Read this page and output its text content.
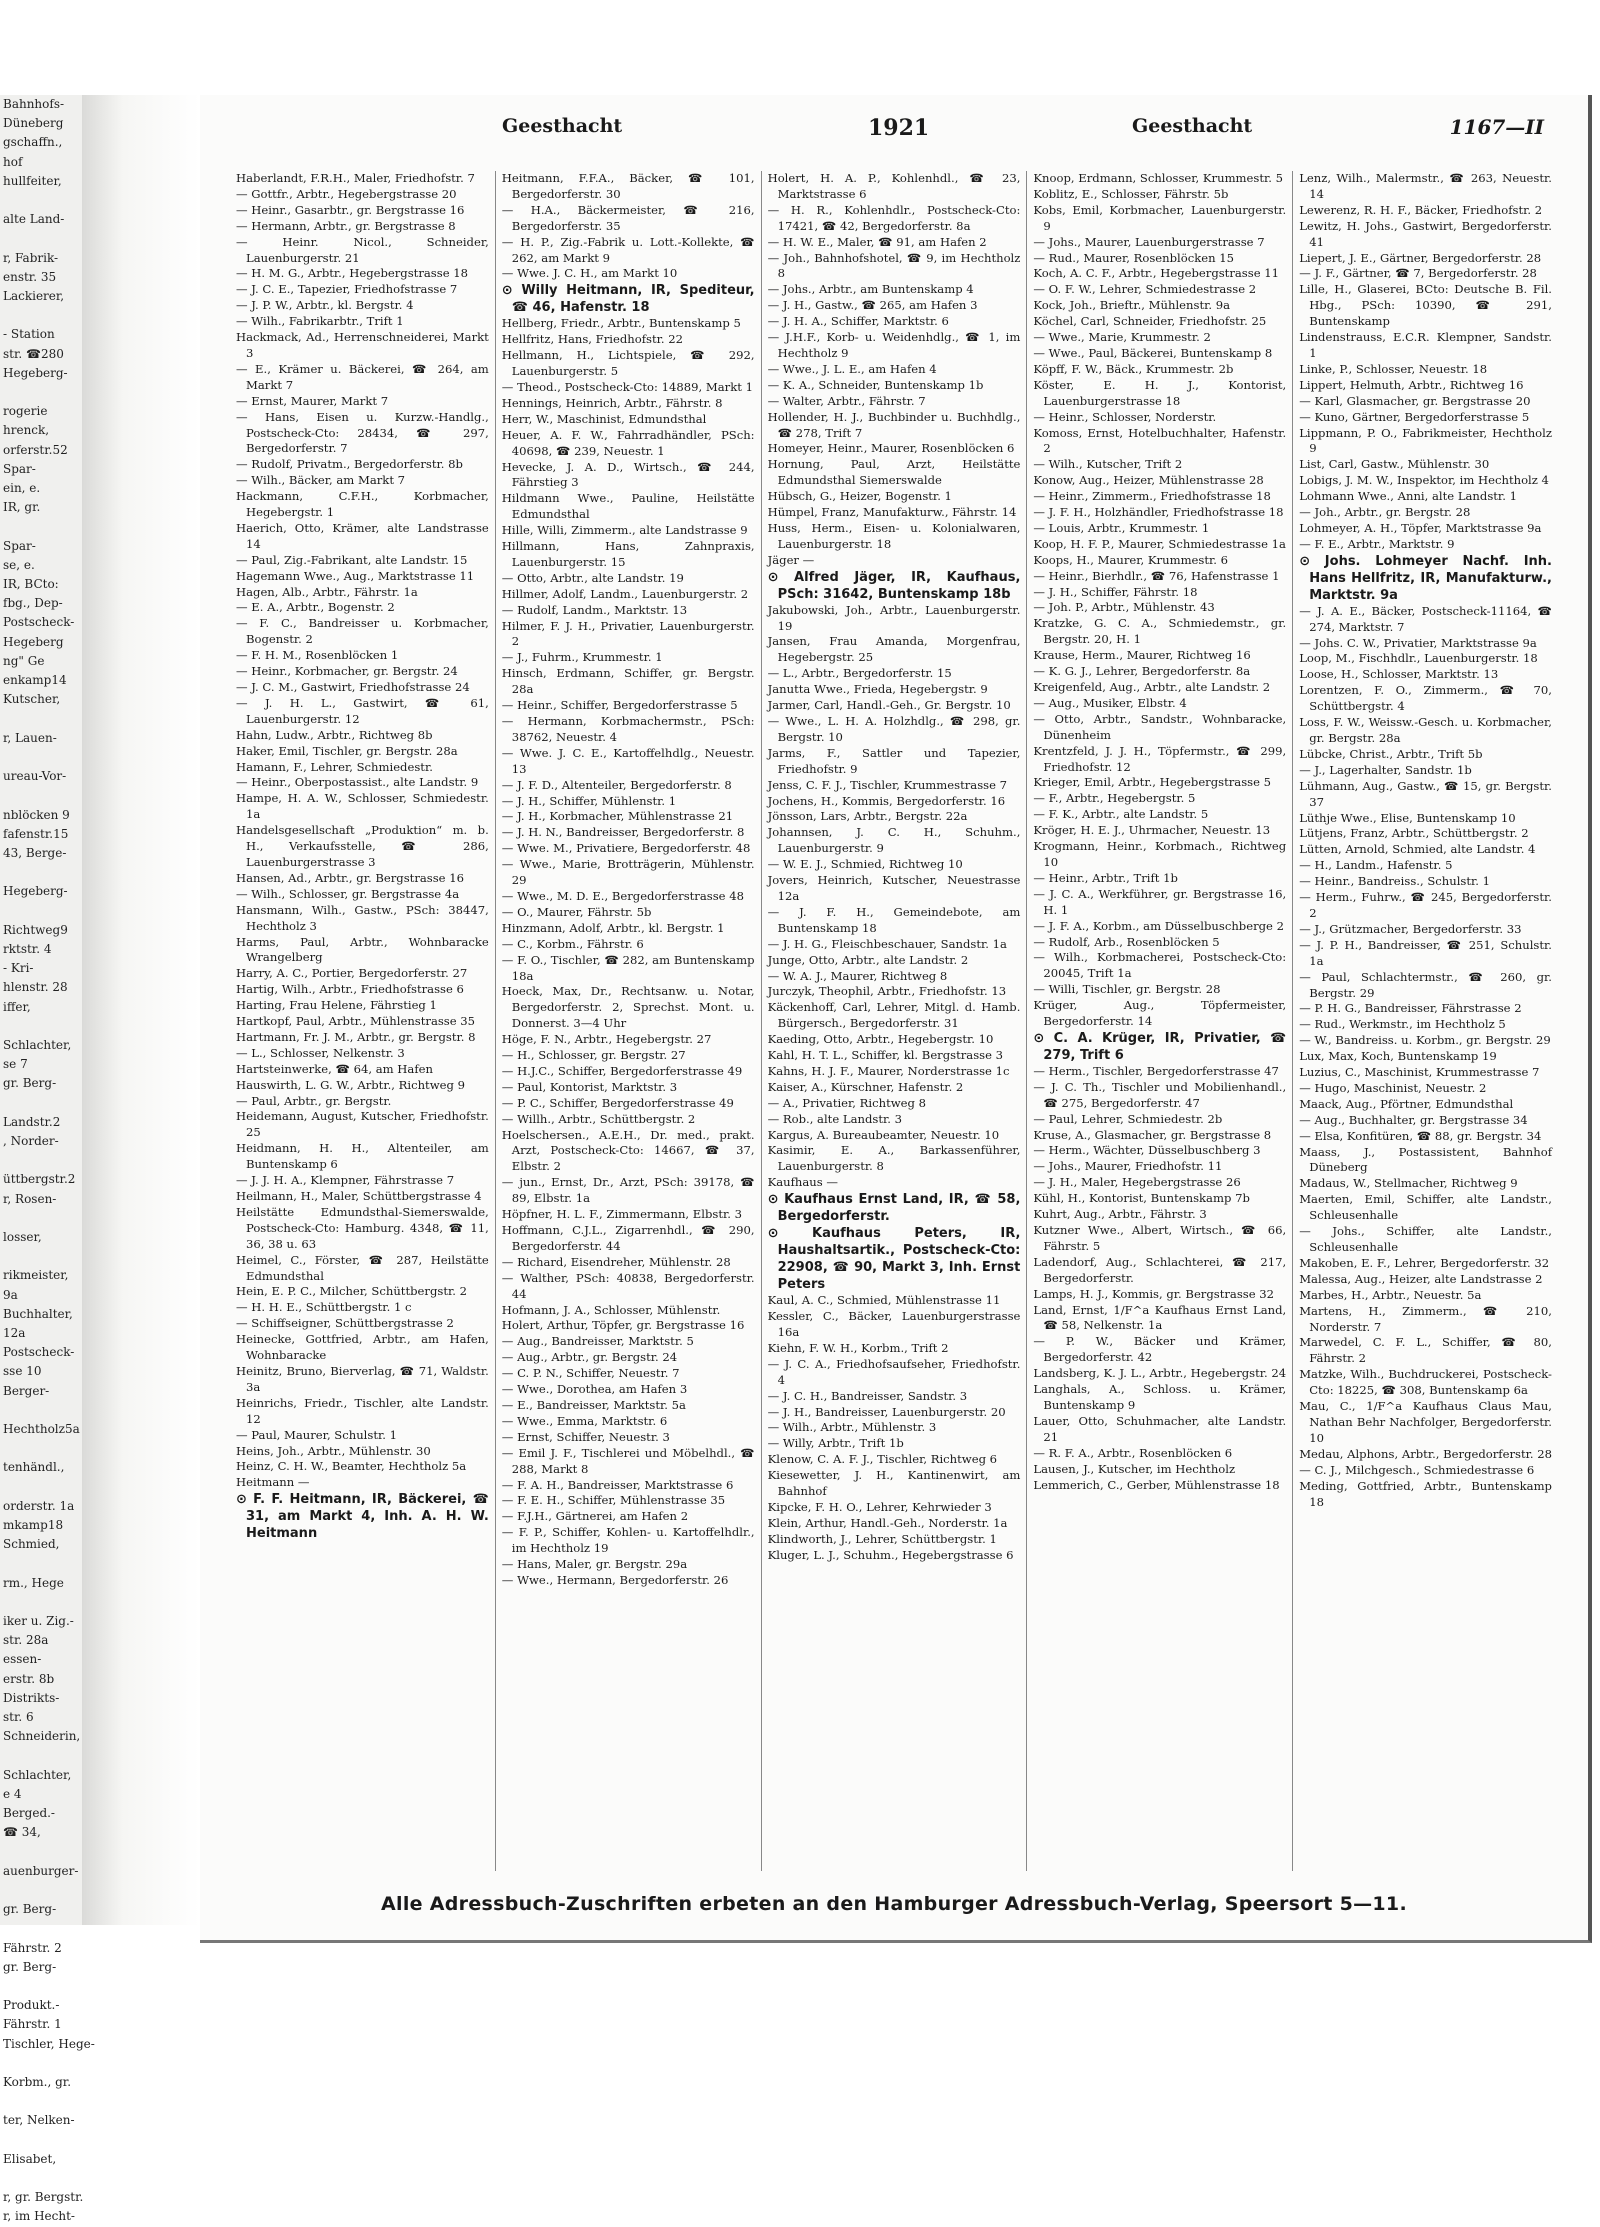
Bahnhofs-
Düneberg
gschaffn.,
hof
hullfeiter,

alte Land-

r, Fabrik-
enstr. 35
Lackierer,

- Station
str. ☎280
Hegeberg-

rogerie
hrenck,
orferstr.52
Spar-
ein, e.
IR, gr.

Spar-
se, e.
IR, BCto:
fbg., Dep-
Postscheck-
Hegeberg
ng" Ge
enkamp14
Kutscher,

r, Lauen-

ureau-Vor-

nblöcken 9
fafenstr.15
43, Berge-

Hegeberg-

Richtweg9
rktstr. 4
- Kri-
hlenstr. 28
iffer,

Schlachter,
se 7
gr. Berg-

Landstr.2
, Norder-

üttbergstr.2
r, Rosen-

losser,

rikmeister,
9a
Buchhalter,
12a
Postscheck-
sse 10
Berger-

Hechtholz5a

tenhändl.,

orderstr. 1a
mkamp18
Schmied,

rm., Hege

iker u. Zig.-
str. 28a
essen-
erstr. 8b
Distrikts-
str. 6
Schneiderin,

Schlachter,
e 4
Berged.-
☎ 34,

auenburger-

gr. Berg-

Fährstr. 2
gr. Berg-

Produkt.-
Fährstr. 1
Tischler, Hege-

Korbm., gr.

ter, Nelken-

Elisabet,

r, gr. Bergstr.
r, im Hecht-
Geesthacht	1921	Geesthacht	1167—II

Haberlandt, F.R.H., Maler, Friedhofstr. 7

— Gottfr., Arbtr., Hegebergstrasse 20

— Heinr., Gasarbtr., gr. Bergstrasse 16

— Hermann, Arbtr., gr. Bergstrasse 8

— Heinr. Nicol., Schneider, Lauenburgerstr. 21

— H. M. G., Arbtr., Hegebergstrasse 18

— J. C. E., Tapezier, Friedhofstrasse 7

— J. P. W., Arbtr., kl. Bergstr. 4

— Wilh., Fabrikarbtr., Trift 1

Hackmack, Ad., Herrenschneiderei, Markt 3

— E., Krämer u. Bäckerei, ☎ 264, am Markt 7

— Ernst, Maurer, Markt 7

— Hans, Eisen u. Kurzw.-Handlg., Postscheck-Cto: 28434, ☎ 297, Bergedorferstr. 7

— Rudolf, Privatm., Bergedorferstr. 8b

— Wilh., Bäcker, am Markt 7

Hackmann, C.F.H., Korbmacher, Hegebergstr. 1

Haerich, Otto, Krämer, alte Landstrasse 14

— Paul, Zig.-Fabrikant, alte Landstr. 15

Hagemann Wwe., Aug., Marktstrasse 11

Hagen, Alb., Arbtr., Fährstr. 1a

— E. A., Arbtr., Bogenstr. 2

— F. C., Bandreisser u. Korbmacher, Bogenstr. 2

— F. H. M., Rosenblöcken 1

— Heinr., Korbmacher, gr. Bergstr. 24

— J. C. M., Gastwirt, Friedhofstrasse 24

— J. H. L., Gastwirt, ☎ 61, Lauenburgerstr. 12

Hahn, Ludw., Arbtr., Richtweg 8b

Haker, Emil, Tischler, gr. Bergstr. 28a

Hamann, F., Lehrer, Schmiedestr.

— Heinr., Oberpostassist., alte Landstr. 9

Hampe, H. A. W., Schlosser, Schmiedestr. 1a

Handelsgesellschaft „Produktion“ m. b. H., Verkaufsstelle, ☎ 286, Lauenburgerstrasse 3

Hansen, Ad., Arbtr., gr. Bergstrasse 16

— Wilh., Schlosser, gr. Bergstrasse 4a

Hansmann, Wilh., Gastw., PSch: 38447, Hechtholz 3

Harms, Paul, Arbtr., Wohnbaracke Wrangelberg

Harry, A. C., Portier, Bergedorferstr. 27

Hartig, Wilh., Arbtr., Friedhofstrasse 6

Harting, Frau Helene, Fährstieg 1

Hartkopf, Paul, Arbtr., Mühlenstrasse 35

Hartmann, Fr. J. M., Arbtr., gr. Bergstr. 8

— L., Schlosser, Nelkenstr. 3

Hartsteinwerke, ☎ 64, am Hafen

Hauswirth, L. G. W., Arbtr., Richtweg 9

— Paul, Arbtr., gr. Bergstr.

Heidemann, August, Kutscher, Friedhofstr. 25

Heidmann, H. H., Altenteiler, am Buntenskamp 6

— J. J. H. A., Klempner, Fährstrasse 7

Heilmann, H., Maler, Schüttbergstrasse 4

Heilstätte Edmundsthal-Siemerswalde, Postscheck-Cto: Hamburg. 4348, ☎ 11, 36, 38 u. 63

Heimel, C., Förster, ☎ 287, Heilstätte Edmundsthal

Hein, E. P. C., Milcher, Schüttbergstr. 2

— H. H. E., Schüttbergstr. 1 c

— Schiffseigner, Schüttbergstrasse 2

Heinecke, Gottfried, Arbtr., am Hafen, Wohnbaracke

Heinitz, Bruno, Bierverlag, ☎ 71, Waldstr. 3a

Heinrichs, Friedr., Tischler, alte Landstr. 12

— Paul, Maurer, Schulstr. 1

Heins, Joh., Arbtr., Mühlenstr. 30

Heinz, C. H. W., Beamter, Hechtholz 5a

Heitmann —

⊙ F. F. Heitmann, IR, Bäckerei, ☎ 31, am Markt 4, Inh. A. H. W. Heitmann

Heitmann, F.F.A., Bäcker, ☎ 101, Bergedorferstr. 30

— H.A., Bäckermeister, ☎ 216, Bergedorferstr. 35

— H. P., Zig.-Fabrik u. Lott.-Kollekte, ☎ 262, am Markt 9

— Wwe. J. C. H., am Markt 10

⊙ Willy Heitmann, IR, Spediteur, ☎ 46, Hafenstr. 18

Hellberg, Friedr., Arbtr., Buntenskamp 5

Hellfritz, Hans, Friedhofstr. 22

Hellmann, H., Lichtspiele, ☎ 292, Lauenburgerstr. 5

— Theod., Postscheck-Cto: 14889, Markt 1

Hennings, Heinrich, Arbtr., Fährstr. 8

Herr, W., Maschinist, Edmundsthal

Heuer, A. F. W., Fahrradhändler, PSch: 40698, ☎ 239, Neuestr. 1

Hevecke, J. A. D., Wirtsch., ☎ 244, Fährstieg 3

Hildmann Wwe., Pauline, Heilstätte Edmundsthal

Hille, Willi, Zimmerm., alte Landstrasse 9

Hillmann, Hans, Zahnpraxis, Lauenburgerstr. 15

— Otto, Arbtr., alte Landstr. 19

Hillmer, Adolf, Landm., Lauenburgerstr. 2

— Rudolf, Landm., Marktstr. 13

Hilmer, F. J. H., Privatier, Lauenburgerstr. 2

— J., Fuhrm., Krummestr. 1

Hinsch, Erdmann, Schiffer, gr. Bergstr. 28a

— Heinr., Schiffer, Bergedorferstrasse 5

— Hermann, Korbmachermstr., PSch: 38762, Neuestr. 4

— Wwe. J. C. E., Kartoffelhdlg., Neuestr. 13

— J. F. D., Altenteiler, Bergedorferstr. 8

— J. H., Schiffer, Mühlenstr. 1

— J. H., Korbmacher, Mühlenstrasse 21

— J. H. N., Bandreisser, Bergedorferstr. 8

— Wwe. M., Privatiere, Bergedorferstr. 48

— Wwe., Marie, Brotträgerin, Mühlenstr. 29

— Wwe., M. D. E., Bergedorferstrasse 48

— O., Maurer, Fährstr. 5b

Hinzmann, Adolf, Arbtr., kl. Bergstr. 1

— C., Korbm., Fährstr. 6

— F. O., Tischler, ☎ 282, am Buntenskamp 18a

Hoeck, Max, Dr., Rechtsanw. u. Notar, Bergedorferstr. 2, Sprechst. Mont. u. Donnerst. 3—4 Uhr

Höge, F. N., Arbtr., Hegebergstr. 27

— H., Schlosser, gr. Bergstr. 27

— H.J.C., Schiffer, Bergedorferstrasse 49

— Paul, Kontorist, Marktstr. 3

— P. C., Schiffer, Bergedorferstrasse 49

— Willh., Arbtr., Schüttbergstr. 2

Hoelschersen., A.E.H., Dr. med., prakt. Arzt, Postscheck-Cto: 14667, ☎ 37, Elbstr. 2

— jun., Ernst, Dr., Arzt, PSch: 39178, ☎ 89, Elbstr. 1a

Höpfner, H. L. F., Zimmermann, Elbstr. 3

Hoffmann, C.J.L., Zigarrenhdl., ☎ 290, Bergedorferstr. 44

— Richard, Eisendreher, Mühlenstr. 28

— Walther, PSch: 40838, Bergedorferstr. 44

Hofmann, J. A., Schlosser, Mühlenstr.

Holert, Arthur, Töpfer, gr. Bergstrasse 16

— Aug., Bandreisser, Marktstr. 5

— Aug., Arbtr., gr. Bergstr. 24

— C. P. N., Schiffer, Neuestr. 7

— Wwe., Dorothea, am Hafen 3

— E., Bandreisser, Marktstr. 5a

— Wwe., Emma, Marktstr. 6

— Ernst, Schiffer, Neuestr. 3

— Emil J. F., Tischlerei und Möbelhdl., ☎ 288, Markt 8

— F. A. H., Bandreisser, Marktstrasse 6

— F. E. H., Schiffer, Mühlenstrasse 35

— F.J.H., Gärtnerei, am Hafen 2

— F. P., Schiffer, Kohlen- u. Kartoffelhdlr., im Hechtholz 19

— Hans, Maler, gr. Bergstr. 29a

— Wwe., Hermann, Bergedorferstr. 26

Holert, H. A. P., Kohlenhdl., ☎ 23, Marktstrasse 6

— H. R., Kohlenhdlr., Postscheck-Cto: 17421, ☎ 42, Bergedorferstr. 8a

— H. W. E., Maler, ☎ 91, am Hafen 2

— Joh., Bahnhofshotel, ☎ 9, im Hechtholz 8

— Johs., Arbtr., am Buntenskamp 4

— J. H., Gastw., ☎ 265, am Hafen 3

— J. H. A., Schiffer, Marktstr. 6

— J.H.F., Korb- u. Weidenhdlg., ☎ 1, im Hechtholz 9

— Wwe., J. L. E., am Hafen 4

— K. A., Schneider, Buntenskamp 1b

— Walter, Arbtr., Fährstr. 7

Hollender, H. J., Buchbinder u. Buchhdlg., ☎ 278, Trift 7

Homeyer, Heinr., Maurer, Rosenblöcken 6

Hornung, Paul, Arzt, Heilstätte Edmundsthal Siemerswalde

Hübsch, G., Heizer, Bogenstr. 1

Hümpel, Franz, Manufakturw., Fährstr. 14

Huss, Herm., Eisen- u. Kolonialwaren, Lauenburgerstr. 18

Jäger —

⊙ Alfred Jäger, IR, Kaufhaus, PSch: 31642, Buntenskamp 18b

Jakubowski, Joh., Arbtr., Lauenburgerstr. 19

Jansen, Frau Amanda, Morgenfrau, Hegebergstr. 25

— L., Arbtr., Bergedorferstr. 15

Janutta Wwe., Frieda, Hegebergstr. 9

Jarmer, Carl, Handl.-Geh., Gr. Bergstr. 10

— Wwe., L. H. A. Holzhdlg., ☎ 298, gr. Bergstr. 10

Jarms, F., Sattler und Tapezier, Friedhofstr. 9

Jenss, C. F. J., Tischler, Krummestrasse 7

Jochens, H., Kommis, Bergedorferstr. 16

Jönsson, Lars, Arbtr., Bergstr. 22a

Johannsen, J. C. H., Schuhm., Lauenburgerstr. 9

— W. E. J., Schmied, Richtweg 10

Jovers, Heinrich, Kutscher, Neuestrasse 12a

— J. F. H., Gemeindebote, am Buntenskamp 18

— J. H. G., Fleischbeschauer, Sandstr. 1a

Junge, Otto, Arbtr., alte Landstr. 2

— W. A. J., Maurer, Richtweg 8

Jurczyk, Theophil, Arbtr., Friedhofstr. 13

Käckenhoff, Carl, Lehrer, Mitgl. d. Hamb. Bürgersch., Bergedorferstr. 31

Kaeding, Otto, Arbtr., Hegebergstr. 10

Kahl, H. T. L., Schiffer, kl. Bergstrasse 3

Kahns, H. J. F., Maurer, Norderstrasse 1c

Kaiser, A., Kürschner, Hafenstr. 2

— A., Privatier, Richtweg 8

— Rob., alte Landstr. 3

Kargus, A. Bureaubeamter, Neuestr. 10

Kasimir, E. A., Barkassenführer, Lauenburgerstr. 8

Kaufhaus —

⊙ Kaufhaus Ernst Land, IR, ☎ 58, Bergedorferstr.

⊙ Kaufhaus Peters, IR, Haushaltsartik., Postscheck-Cto: 22908, ☎ 90, Markt 3, Inh. Ernst Peters

Kaul, A. C., Schmied, Mühlenstrasse 11

Kessler, C., Bäcker, Lauenburgerstrasse 16a

Kiehn, F. W. H., Korbm., Trift 2

— J. C. A., Friedhofsaufseher, Friedhofstr. 4

— J. C. H., Bandreisser, Sandstr. 3

— J. H., Bandreisser, Lauenburgerstr. 20

— Wilh., Arbtr., Mühlenstr. 3

— Willy, Arbtr., Trift 1b

Klenow, C. A. F. J., Tischler, Richtweg 6

Kiesewetter, J. H., Kantinenwirt, am Bahnhof

Kipcke, F. H. O., Lehrer, Kehrwieder 3

Klein, Arthur, Handl.-Geh., Norderstr. 1a

Klindworth, J., Lehrer, Schüttbergstr. 1

Kluger, L. J., Schuhm., Hegebergstrasse 6

Knoop, Erdmann, Schlosser, Krummestr. 5

Koblitz, E., Schlosser, Fährstr. 5b

Kobs, Emil, Korbmacher, Lauenburgerstr. 9

— Johs., Maurer, Lauenburgerstrasse 7

— Rud., Maurer, Rosenblöcken 15

Koch, A. C. F., Arbtr., Hegebergstrasse 11

— O. F. W., Lehrer, Schmiedestrasse 2

Kock, Joh., Brieftr., Mühlenstr. 9a

Köchel, Carl, Schneider, Friedhofstr. 25

— Wwe., Marie, Krummestr. 2

— Wwe., Paul, Bäckerei, Buntenskamp 8

Köpff, F. W., Bäck., Krummestr. 2b

Köster, E. H. J., Kontorist, Lauenburgerstrasse 18

— Heinr., Schlosser, Norderstr.

Komoss, Ernst, Hotelbuchhalter, Hafenstr. 2

— Wilh., Kutscher, Trift 2

Konow, Aug., Heizer, Mühlenstrasse 28

— Heinr., Zimmerm., Friedhofstrasse 18

— J. F. H., Holzhändler, Friedhofstrasse 18

— Louis, Arbtr., Krummestr. 1

Koop, H. F. P., Maurer, Schmiedestrasse 1a

Koops, H., Maurer, Krummestr. 6

— Heinr., Bierhdlr., ☎ 76, Hafenstrasse 1

— J. H., Schiffer, Fährstr. 18

— Joh. P., Arbtr., Mühlenstr. 43

Kratzke, G. C. A., Schmiedemstr., gr. Bergstr. 20, H. 1

Krause, Herm., Maurer, Richtweg 16

— K. G. J., Lehrer, Bergedorferstr. 8a

Kreigenfeld, Aug., Arbtr., alte Landstr. 2

— Aug., Musiker, Elbstr. 4

— Otto, Arbtr., Sandstr., Wohnbaracke, Dünenheim

Krentzfeld, J. J. H., Töpfermstr., ☎ 299, Friedhofstr. 12

Krieger, Emil, Arbtr., Hegebergstrasse 5

— F., Arbtr., Hegebergstr. 5

— F. K., Arbtr., alte Landstr. 5

Kröger, H. E. J., Uhrmacher, Neuestr. 13

Krogmann, Heinr., Korbmach., Richtweg 10

— Heinr., Arbtr., Trift 1b

— J. C. A., Werkführer, gr. Bergstrasse 16, H. 1

— J. F. A., Korbm., am Düsselbuschberge 2

— Rudolf, Arb., Rosenblöcken 5

— Wilh., Korbmacherei, Postscheck-Cto: 20045, Trift 1a

— Willi, Tischler, gr. Bergstr. 28

Krüger, Aug., Töpfermeister, Bergedorferstr. 14

⊙ C. A. Krüger, IR, Privatier, ☎ 279, Trift 6

— Herm., Tischler, Bergedorferstrasse 47

— J. C. Th., Tischler und Mobilienhandl., ☎ 275, Bergedorferstr. 47

— Paul, Lehrer, Schmiedestr. 2b

Kruse, A., Glasmacher, gr. Bergstrasse 8

— Herm., Wächter, Düsselbuschberg 3

— Johs., Maurer, Friedhofstr. 11

— J. H., Maler, Hegebergstrasse 26

Kühl, H., Kontorist, Buntenskamp 7b

Kuhrt, Aug., Arbtr., Fährstr. 3

Kutzner Wwe., Albert, Wirtsch., ☎ 66, Fährstr. 5

Ladendorf, Aug., Schlachterei, ☎ 217, Bergedorferstr.

Lamps, H. J., Kommis, gr. Bergstrasse 32

Land, Ernst, 1/F^a Kaufhaus Ernst Land, ☎ 58, Nelkenstr. 1a

— P. W., Bäcker und Krämer, Bergedorferstr. 42

Landsberg, K. J. L., Arbtr., Hegebergstr. 24

Langhals, A., Schloss. u. Krämer, Buntenskamp 9

Lauer, Otto, Schuhmacher, alte Landstr. 21

— R. F. A., Arbtr., Rosenblöcken 6

Lausen, J., Kutscher, im Hechtholz

Lemmerich, C., Gerber, Mühlenstrasse 18

Lenz, Wilh., Malermstr., ☎ 263, Neuestr. 14

Lewerenz, R. H. F., Bäcker, Friedhofstr. 2

Lewitz, H. Johs., Gastwirt, Bergedorferstr. 41

Liepert, J. E., Gärtner, Bergedorferstr. 28

— J. F., Gärtner, ☎ 7, Bergedorferstr. 28

Lille, H., Glaserei, BCto: Deutsche B. Fil. Hbg., PSch: 10390, ☎ 291, Buntenskamp

Lindenstrauss, E.C.R. Klempner, Sandstr. 1

Linke, P., Schlosser, Neuestr. 18

Lippert, Helmuth, Arbtr., Richtweg 16

— Karl, Glasmacher, gr. Bergstrasse 20

— Kuno, Gärtner, Bergedorferstrasse 5

Lippmann, P. O., Fabrikmeister, Hechtholz 9

List, Carl, Gastw., Mühlenstr. 30

Lobigs, J. M. W., Inspektor, im Hechtholz 4

Lohmann Wwe., Anni, alte Landstr. 1

— Joh., Arbtr., gr. Bergstr. 28

Lohmeyer, A. H., Töpfer, Marktstrasse 9a

— F. E., Arbtr., Marktstr. 9

⊙ Johs. Lohmeyer Nachf. Inh. Hans Hellfritz, IR, Manufakturw., Marktstr. 9a

— J. A. E., Bäcker, Postscheck-11164, ☎ 274, Marktstr. 7

— Johs. C. W., Privatier, Marktstrasse 9a

Loop, M., Fischhdlr., Lauenburgerstr. 18

Loose, H., Schlosser, Marktstr. 13

Lorentzen, F. O., Zimmerm., ☎ 70, Schüttbergstr. 4

Loss, F. W., Weissw.-Gesch. u. Korbmacher, gr. Bergstr. 28a

Lübcke, Christ., Arbtr., Trift 5b

— J., Lagerhalter, Sandstr. 1b

Lühmann, Aug., Gastw., ☎ 15, gr. Bergstr. 37

Lüthje Wwe., Elise, Buntenskamp 10

Lütjens, Franz, Arbtr., Schüttbergstr. 2

Lütten, Arnold, Schmied, alte Landstr. 4

— H., Landm., Hafenstr. 5

— Heinr., Bandreiss., Schulstr. 1

— Herm., Fuhrw., ☎ 245, Bergedorferstr. 2

— J., Grützmacher, Bergedorferstr. 33

— J. P. H., Bandreisser, ☎ 251, Schulstr. 1a

— Paul, Schlachtermstr., ☎ 260, gr. Bergstr. 29

— P. H. G., Bandreisser, Fährstrasse 2

— Rud., Werkmstr., im Hechtholz 5

— W., Bandreiss. u. Korbm., gr. Bergstr. 29

Lux, Max, Koch, Buntenskamp 19

Luzius, C., Maschinist, Krummestrasse 7

— Hugo, Maschinist, Neuestr. 2

Maack, Aug., Pförtner, Edmundsthal

— Aug., Buchhalter, gr. Bergstrasse 34

— Elsa, Konfitüren, ☎ 88, gr. Bergstr. 34

Maass, J., Postassistent, Bahnhof Düneberg

Madaus, W., Stellmacher, Richtweg 9

Maerten, Emil, Schiffer, alte Landstr., Schleusenhalle

— Johs., Schiffer, alte Landstr., Schleusenhalle

Makoben, E. F., Lehrer, Bergedorferstr. 32

Malessa, Aug., Heizer, alte Landstrasse 2

Marbes, H., Arbtr., Neuestr. 5a

Martens, H., Zimmerm., ☎ 210, Norderstr. 7

Marwedel, C. F. L., Schiffer, ☎ 80, Fährstr. 2

Matzke, Wilh., Buchdruckerei, Postscheck-Cto: 18225, ☎ 308, Buntenskamp 6a

Mau, C., 1/F^a Kaufhaus Claus Mau, Nathan Behr Nachfolger, Bergedorferstr. 10

Medau, Alphons, Arbtr., Bergedorferstr. 28

— C. J., Milchgesch., Schmiedestrasse 6

Meding, Gottfried, Arbtr., Buntenskamp 18

Alle Adressbuch-Zuschriften erbeten an den Hamburger Adressbuch-Verlag, Speersort 5—11.
